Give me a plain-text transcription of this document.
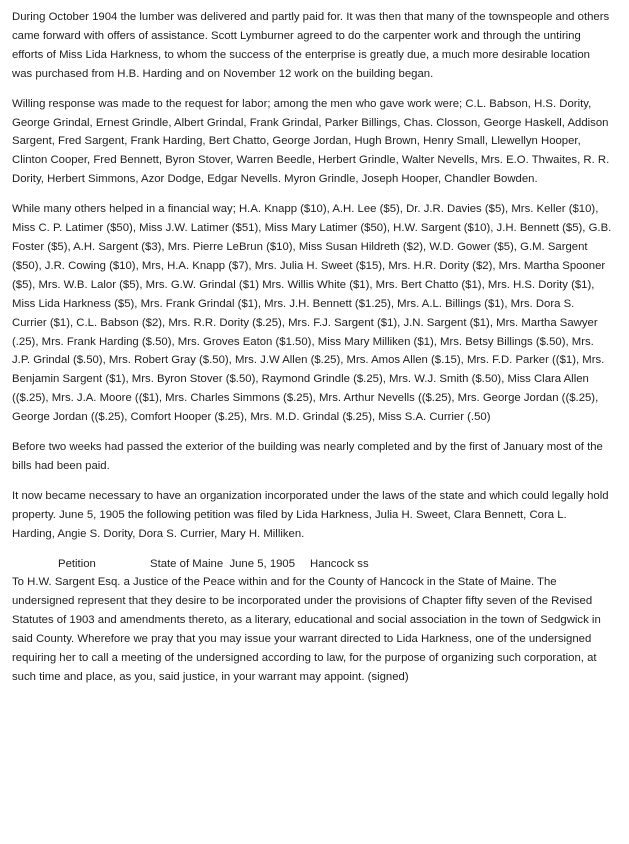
During October 1904 the lumber was delivered and partly paid for. It was then that many of the townspeople and others came forward with offers of assistance. Scott Lymburner agreed to do the carpenter work and through the untiring efforts of Miss Lida Harkness, to whom the success of the enterprise is greatly due, a much more desirable location was purchased from H.B. Harding and on November 12 work on the building began.

Willing response was made to the request for labor; among the men who gave work were; C.L. Babson, H.S. Dority, George Grindal, Ernest Grindle, Albert Grindal, Frank Grindal, Parker Billings, Chas. Closson, George Haskell, Addison Sargent, Fred Sargent, Frank Harding, Bert Chatto, George Jordan, Hugh Brown, Henry Small, Llewellyn Hooper, Clinton Cooper, Fred Bennett, Byron Stover, Warren Beedle, Herbert Grindle, Walter Nevells, Mrs. E.O. Thwaites, R. R. Dority, Herbert Simmons, Azor Dodge, Edgar Nevells. Myron Grindle, Joseph Hooper, Chandler Bowden.

While many others helped in a financial way; H.A. Knapp ($10), A.H. Lee ($5), Dr. J.R. Davies ($5), Mrs. Keller ($10), Miss C. P. Latimer ($50), Miss J.W. Latimer ($51), Miss Mary Latimer ($50), H.W. Sargent ($10), J.H. Bennett ($5), G.B. Foster ($5), A.H. Sargent ($3), Mrs. Pierre LeBrun ($10), Miss Susan Hildreth ($2), W.D. Gower ($5), G.M. Sargent ($50), J.R. Cowing ($10), Mrs, H.A. Knapp ($7), Mrs. Julia H. Sweet ($15), Mrs. H.R. Dority ($2), Mrs. Martha Spooner ($5), Mrs. W.B. Lalor ($5), Mrs. G.W. Grindal ($1) Mrs. Willis White ($1), Mrs. Bert Chatto ($1), Mrs. H.S. Dority ($1), Miss Lida Harkness ($5), Mrs. Frank Grindal ($1), Mrs. J.H. Bennett ($1.25), Mrs. A.L. Billings ($1), Mrs. Dora S. Currier ($1), C.L. Babson ($2), Mrs. R.R. Dority ($.25), Mrs. F.J. Sargent ($1), J.N. Sargent ($1), Mrs. Martha Sawyer (.25), Mrs. Frank Harding ($.50), Mrs. Groves Eaton ($1.50), Miss Mary Milliken ($1), Mrs. Betsy Billings ($.50), Mrs. J.P. Grindal ($.50), Mrs. Robert Gray ($.50), Mrs. J.W Allen ($.25), Mrs. Amos Allen ($.15), Mrs. F.D. Parker (($1), Mrs. Benjamin Sargent ($1), Mrs. Byron Stover ($.50), Raymond Grindle ($.25), Mrs. W.J. Smith ($.50), Miss Clara Allen (($.25), Mrs. J.A. Moore (($1), Mrs. Charles Simmons ($.25), Mrs. Arthur Nevells (($.25), Mrs. George Jordan (($.25), George Jordan (($.25), Comfort Hooper ($.25), Mrs. M.D. Grindal ($.25), Miss S.A. Currier (.50)

Before two weeks had passed the exterior of the building was nearly completed and by the first of January most of the bills had been paid.

It now became necessary to have an organization incorporated under the laws of the state and which could legally hold property. June 5, 1905 the following petition was filed by Lida Harkness, Julia H. Sweet, Clara Bennett, Cora L. Harding, Angie S. Dority, Dora S. Currier, Mary H. Milliken.

Petition	State of Maine  June 5, 1905 Hancock ss

To H.W. Sargent Esq. a Justice of the Peace within and for the County of Hancock in the State of Maine. The undersigned represent that they desire to be incorporated under the provisions of Chapter fifty seven of the Revised Statutes of 1903 and amendments thereto, as a literary, educational and social association in the town of Sedgwick in said County. Wherefore we pray that you may issue your warrant directed to Lida Harkness, one of the undersigned requiring her to call a meeting of the undersigned according to law, for the purpose of organizing such corporation, at such time and place, as you, said justice, in your warrant may appoint. (signed)
